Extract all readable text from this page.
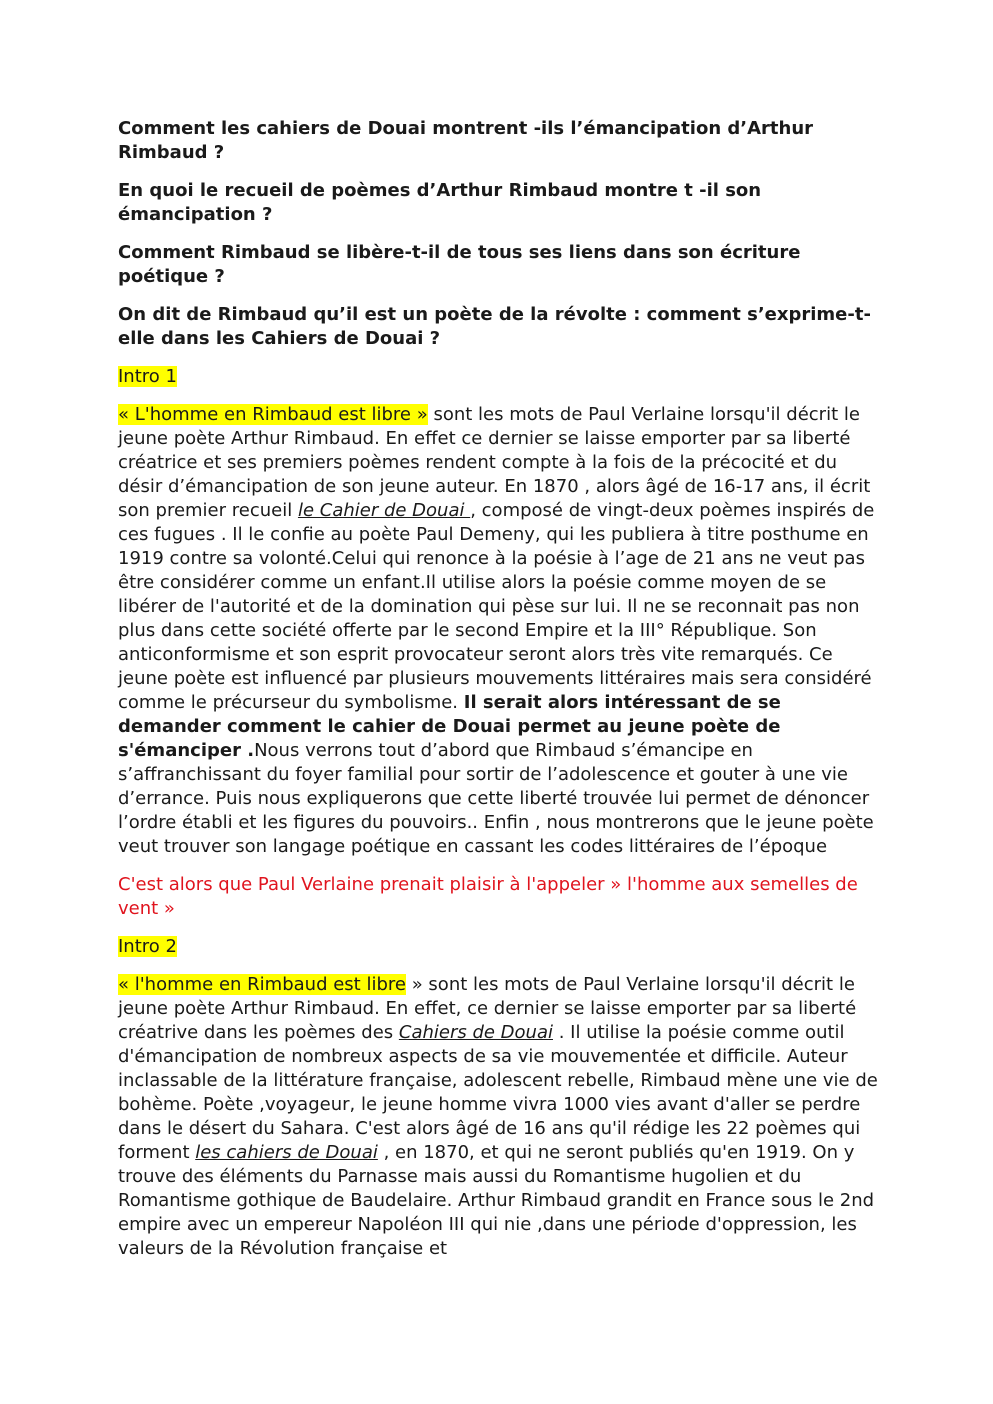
Comment les cahiers de Douai montrent -ils l’émancipation d’Arthur Rimbaud ?

En quoi le recueil de poèmes d’Arthur Rimbaud montre t -il son émancipation ?

Comment Rimbaud se libère-t-il de tous ses liens dans son écriture poétique ?

On dit de Rimbaud qu’il est un poète de la révolte : comment s’exprime-t-elle dans les Cahiers de Douai ?

Intro 1

« L'homme en Rimbaud est libre » sont les mots de Paul Verlaine lorsqu'il décrit le jeune poète Arthur Rimbaud. En effet ce dernier se laisse emporter par sa liberté créatrice et ses premiers poèmes rendent compte à la fois de la précocité et du désir d’émancipation de son jeune auteur. En 1870 , alors âgé de 16-17 ans, il écrit son premier recueil le Cahier de Douai , composé de vingt-deux poèmes inspirés de ces fugues . Il le confie au poète Paul Demeny, qui les publiera à titre posthume en 1919 contre sa volonté.Celui qui renonce à la poésie à l’age de 21 ans ne veut pas être considérer comme un enfant.Il utilise alors la poésie comme moyen de se libérer de l'autorité et de la domination qui pèse sur lui. Il ne se reconnait pas non plus dans cette société offerte par le second Empire et la III° République. Son anticonformisme et son esprit provocateur seront alors très vite remarqués. Ce jeune poète est influencé par plusieurs mouvements littéraires mais sera considéré comme le précurseur du symbolisme. Il serait alors intéressant de se demander comment le cahier de Douai permet au jeune poète de s'émanciper .Nous verrons tout d’abord que Rimbaud s’émancipe en s’affranchissant du foyer familial pour sortir de l’adolescence et gouter à une vie d’errance. Puis nous expliquerons que cette liberté trouvée lui permet de dénoncer l’ordre établi et les figures du pouvoirs.. Enfin , nous montrerons que le jeune poète veut trouver son langage poétique en cassant les codes littéraires de l’époque

C'est alors que Paul Verlaine prenait plaisir à l'appeler » l'homme aux semelles de vent »

Intro 2

« l'homme en Rimbaud est libre » sont les mots de Paul Verlaine lorsqu'il décrit le jeune poète Arthur Rimbaud. En effet, ce dernier se laisse emporter par sa liberté créatrive dans les poèmes des Cahiers de Douai . Il utilise la poésie comme outil d'émancipation de nombreux aspects de sa vie mouvementée et difficile. Auteur inclassable de la littérature française, adolescent rebelle, Rimbaud mène une vie de bohème. Poète ,voyageur, le jeune homme vivra 1000 vies avant d'aller se perdre dans le désert du Sahara. C'est alors âgé de 16 ans qu'il rédige les 22 poèmes qui forment les cahiers de Douai , en 1870, et qui ne seront publiés qu'en 1919. On y trouve des éléments du Parnasse mais aussi du Romantisme hugolien et du Romantisme gothique de Baudelaire. Arthur Rimbaud grandit en France sous le 2nd empire avec un empereur Napoléon III qui nie ,dans une période d'oppression, les valeurs de la Révolution française et
